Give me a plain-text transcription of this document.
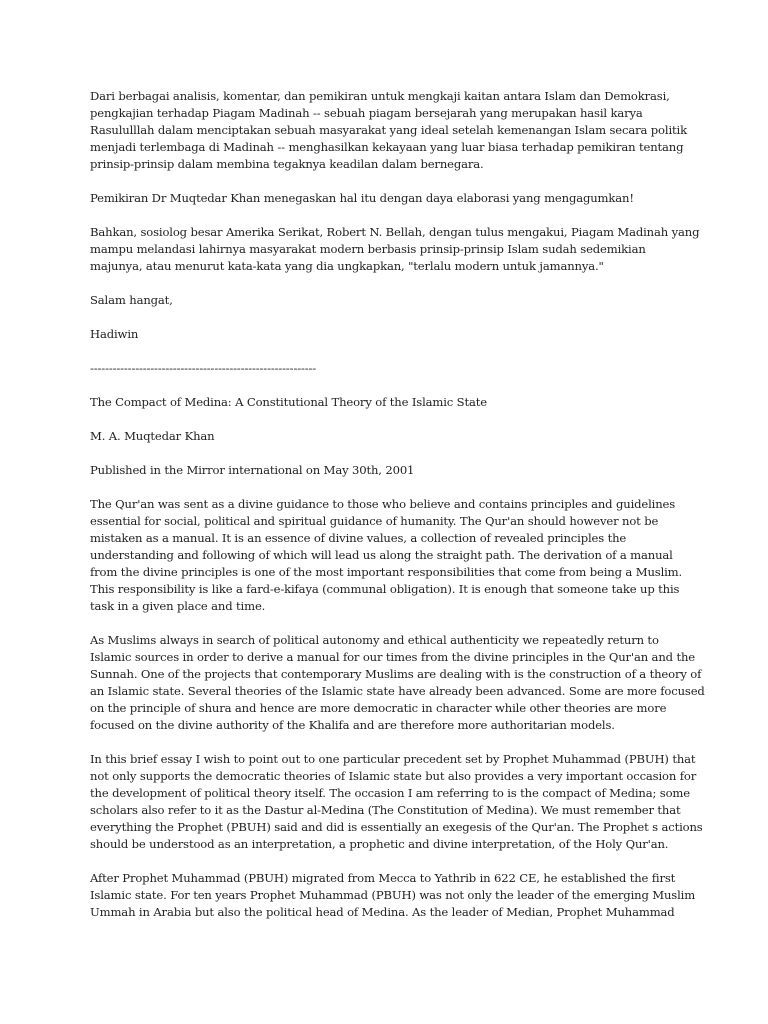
Dari berbagai analisis, komentar, dan pemikiran untuk mengkaji kaitan antara Islam dan Demokrasi,
pengkajian terhadap Piagam Madinah -- sebuah piagam bersejarah yang merupakan hasil karya
Rasululllah dalam menciptakan sebuah masyarakat yang ideal setelah kemenangan Islam secara politik
menjadi terlembaga di Madinah -- menghasilkan kekayaan yang luar biasa terhadap pemikiran tentang
prinsip-prinsip dalam membina tegaknya keadilan dalam bernegara.
Pemikiran Dr Muqtedar Khan menegaskan hal itu dengan daya elaborasi yang mengagumkan!
Bahkan, sosiolog besar Amerika Serikat, Robert N. Bellah, dengan tulus mengakui, Piagam Madinah yang
mampu melandasi lahirnya masyarakat modern berbasis prinsip-prinsip Islam sudah sedemikian
majunya, atau menurut kata-kata yang dia ungkapkan, "terlalu modern untuk jamannya."
Salam hangat,
Hadiwin
------------------------------------------------------------
The Compact of Medina: A Constitutional Theory of the Islamic State
M. A. Muqtedar Khan
Published in the Mirror international on May 30th, 2001
The Qur'an was sent as a divine guidance to those who believe and contains principles and guidelines
essential for social, political and spiritual guidance of humanity. The Qur'an should however not be
mistaken as a manual. It is an essence of divine values, a collection of revealed principles the
understanding and following of which will lead us along the straight path. The derivation of a manual
from the divine principles is one of the most important responsibilities that come from being a Muslim.
This responsibility is like a fard-e-kifaya (communal obligation). It is enough that someone take up this
task in a given place and time.
As Muslims always in search of political autonomy and ethical authenticity we repeatedly return to
Islamic sources in order to derive a manual for our times from the divine principles in the Qur'an and the
Sunnah. One of the projects that contemporary Muslims are dealing with is the construction of a theory of
an Islamic state. Several theories of the Islamic state have already been advanced. Some are more focused
on the principle of shura and hence are more democratic in character while other theories are more
focused on the divine authority of the Khalifa and are therefore more authoritarian models.
In this brief essay I wish to point out to one particular precedent set by Prophet Muhammad (PBUH) that
not only supports the democratic theories of Islamic state but also provides a very important occasion for
the development of political theory itself. The occasion I am referring to is the compact of Medina; some
scholars also refer to it as the Dastur al-Medina (The Constitution of Medina). We must remember that
everything the Prophet (PBUH) said and did is essentially an exegesis of the Qur'an. The Prophet s actions
should be understood as an interpretation, a prophetic and divine interpretation, of the Holy Qur'an.
After Prophet Muhammad (PBUH) migrated from Mecca to Yathrib in 622 CE, he established the first
Islamic state. For ten years Prophet Muhammad (PBUH) was not only the leader of the emerging Muslim
Ummah in Arabia but also the political head of Medina. As the leader of Median, Prophet Muhammad
